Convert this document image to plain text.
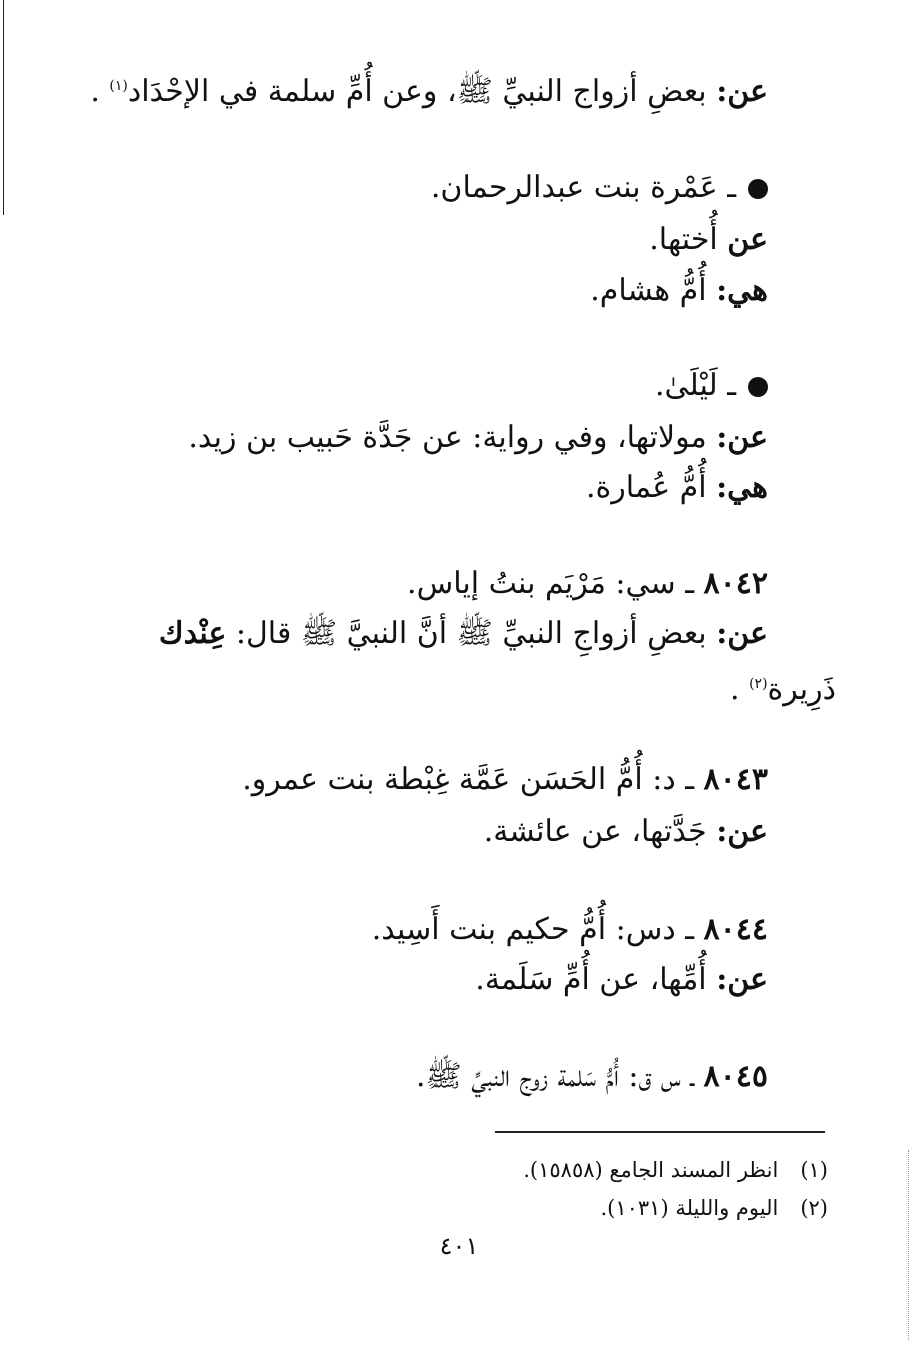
عن: بعضِ أزواج النبيِّ ﷺ، وعن أُمِّ سلمة في الإحْدَاد$^{(١)}$ .
ـ عَمْرة بنت عبدالرحمان.
عن أُختها.
هي: أُمُّ هشام.
ـ لَيْلَىٰ.
عن: مولاتها، وفي رواية: عن جَدَّة حَبيب بن زيد.
هي: أُمُّ عُمارة.
٨٠٤٢ ـ سي: مَرْيَم بنتُ إياس.
عن: بعضِ أزواجِ النبيِّ ﷺ أنَّ النبيَّ ﷺ قال: عِنْدك
ذَرِيرة$^{(٢)}$ .
٨٠٤٣ ـ د: أُمُّ الحَسَن عَمَّة غِبْطة بنت عمرو.
عن: جَدَّتها، عن عائشة.
٨٠٤٤ ـ دس: أُمُّ حكيم بنت أَسِيد.
عن: أُمِّها، عن أُمِّ سَلَمة.
٨٠٤٥ ـ س ق: أُمُّ سَلمة زوج النبيِّ ﷺ.
(١)انظر المسند الجامع (١٥٨٥٨).
(٢)اليوم والليلة (١٠٣١).
٤٠١
